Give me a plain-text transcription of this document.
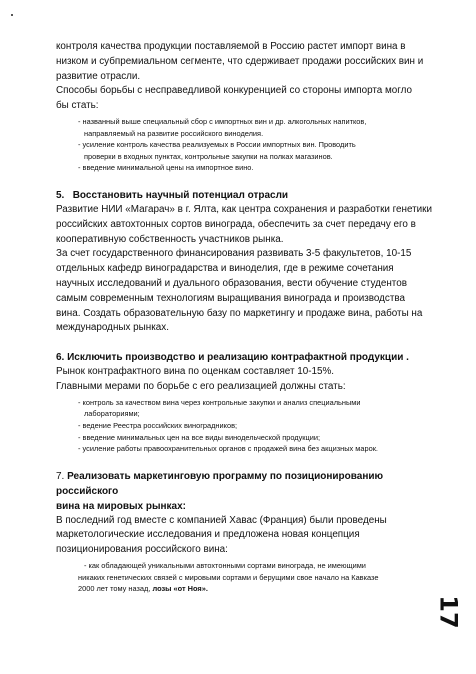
контроля качества продукции поставляемой в Россию растет импорт вина в

низком и субпремиальном сегменте, что сдерживает продажи российских вин и

развитие отрасли.

Способы борьбы с несправедливой конкуренцией со стороны импорта могло

бы стать:

- названный выше специальный сбор с импортных вин и др. алкогольных напитков,

направляемый на развитие российского виноделия.

- усиление контроль качества реализуемых в России импортных вин. Проводить

проверки в входных пунктах, контрольные закупки на полках магазинов.

- введение минимальной цены на импортное вино.

5. Восстановить научный потенциал отрасли

Развитие НИИ «Магарач» в г. Ялта, как центра сохранения и разработки генетики

российских автохтонных сортов винограда, обеспечить за счет передачу его в

кооперативную собственность участников рынка.

За счет государственного финансирования развивать 3-5 факультетов, 10-15

отдельных кафедр виноградарства и виноделия, где в режиме сочетания

научных исследований и дуального образования, вести обучение студентов

самым современным технологиям выращивания винограда и производства

вина. Создать образовательную базу по маркетингу и продаже вина, работы на

международных рынках.

6. Исключить производство и реализацию контрафактной продукции .

Рынок контрафактного вина по оценкам составляет 10-15%.

Главными мерами по борьбе с его реализацией должны стать:

- контроль за качеством вина через контрольные закупки и анализ специальными

лабораториями;

- ведение Реестра российских виноградников;

- введение минимальных цен на все виды винодельческой продукции;

- усиление работы правоохранительных органов с продажей вина без акцизных марок.

7. Реализовать маркетинговую программу по позиционированию российского

вина на мировых рынках:

В последний год вместе с компанией Хавас (Франция) были проведены

маркетологические исследования и предложена новая концепция

позиционирования российского вина:

- как обладающей уникальными автохтонными сортами винограда, не имеющими

никаких генетических связей с мировыми сортами и берущими свое начало на Кавказе

2000 лет тому назад, лозы «от Ноя».

17
